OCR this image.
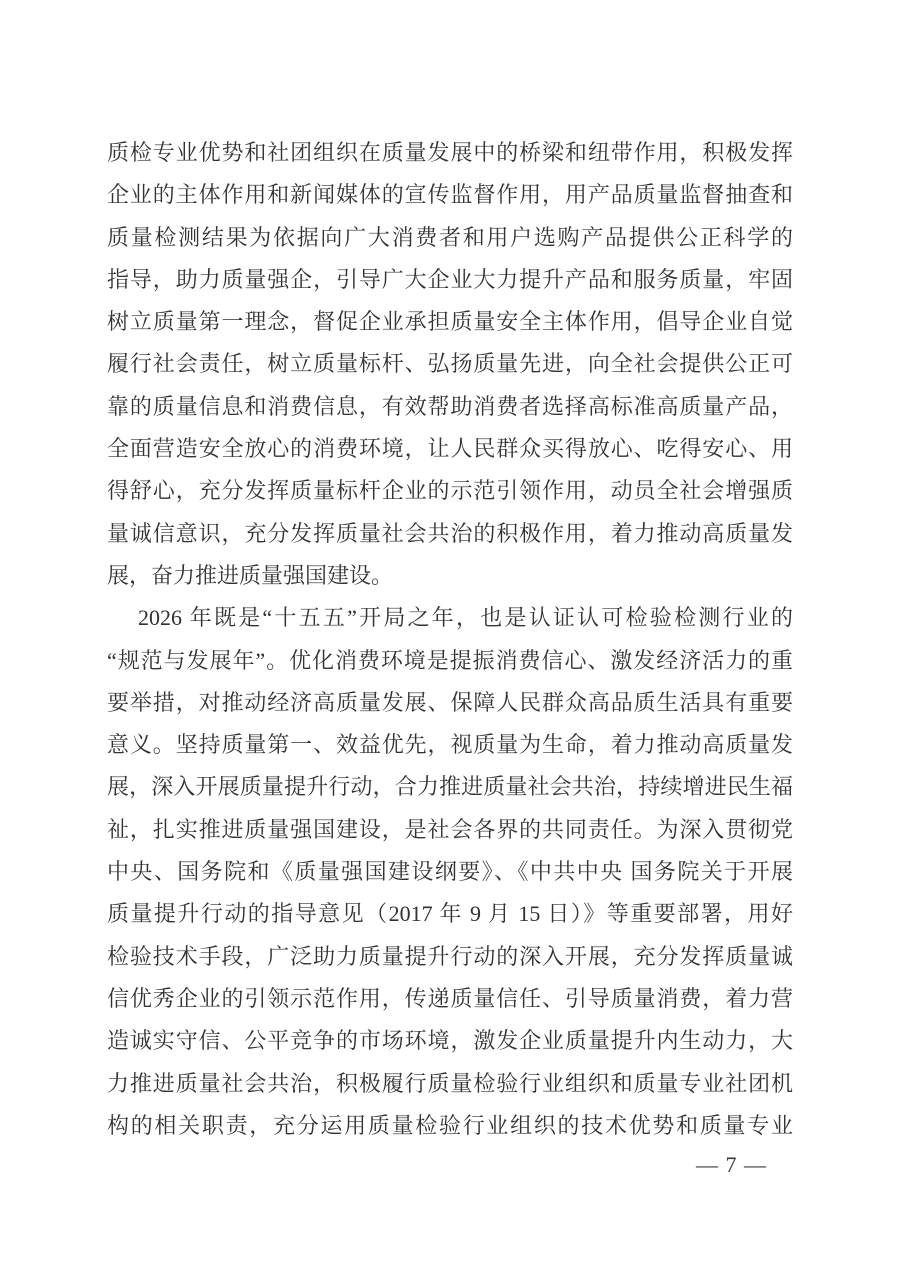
质检专业优势和社团组织在质量发展中的桥梁和纽带作用，积极发挥
企业的主体作用和新闻媒体的宣传监督作用，用产品质量监督抽查和
质量检测结果为依据向广大消费者和用户选购产品提供公正科学的
指导，助力质量强企，引导广大企业大力提升产品和服务质量，牢固
树立质量第一理念，督促企业承担质量安全主体作用，倡导企业自觉
履行社会责任，树立质量标杆、弘扬质量先进，向全社会提供公正可
靠的质量信息和消费信息，有效帮助消费者选择高标准高质量产品，
全面营造安全放心的消费环境，让人民群众买得放心、吃得安心、用
得舒心，充分发挥质量标杆企业的示范引领作用，动员全社会增强质
量诚信意识，充分发挥质量社会共治的积极作用，着力推动高质量发
展，奋力推进质量强国建设。
2026 年既是“十五五”开局之年，也是认证认可检验检测行业的
“规范与发展年”。优化消费环境是提振消费信心、激发经济活力的重
要举措，对推动经济高质量发展、保障人民群众高品质生活具有重要
意义。坚持质量第一、效益优先，视质量为生命，着力推动高质量发
展，深入开展质量提升行动，合力推进质量社会共治，持续增进民生福
祉，扎实推进质量强国建设，是社会各界的共同责任。为深入贯彻党
中央、国务院和《质量强国建设纲要》、《中共中央 国务院关于开展
质量提升行动的指导意见（2017 年 9 月 15 日）》等重要部署，用好
检验技术手段，广泛助力质量提升行动的深入开展，充分发挥质量诚
信优秀企业的引领示范作用，传递质量信任、引导质量消费，着力营
造诚实守信、公平竞争的市场环境，激发企业质量提升内生动力，大
力推进质量社会共治，积极履行质量检验行业组织和质量专业社团机
构的相关职责，充分运用质量检验行业组织的技术优势和质量专业
— 7 —
